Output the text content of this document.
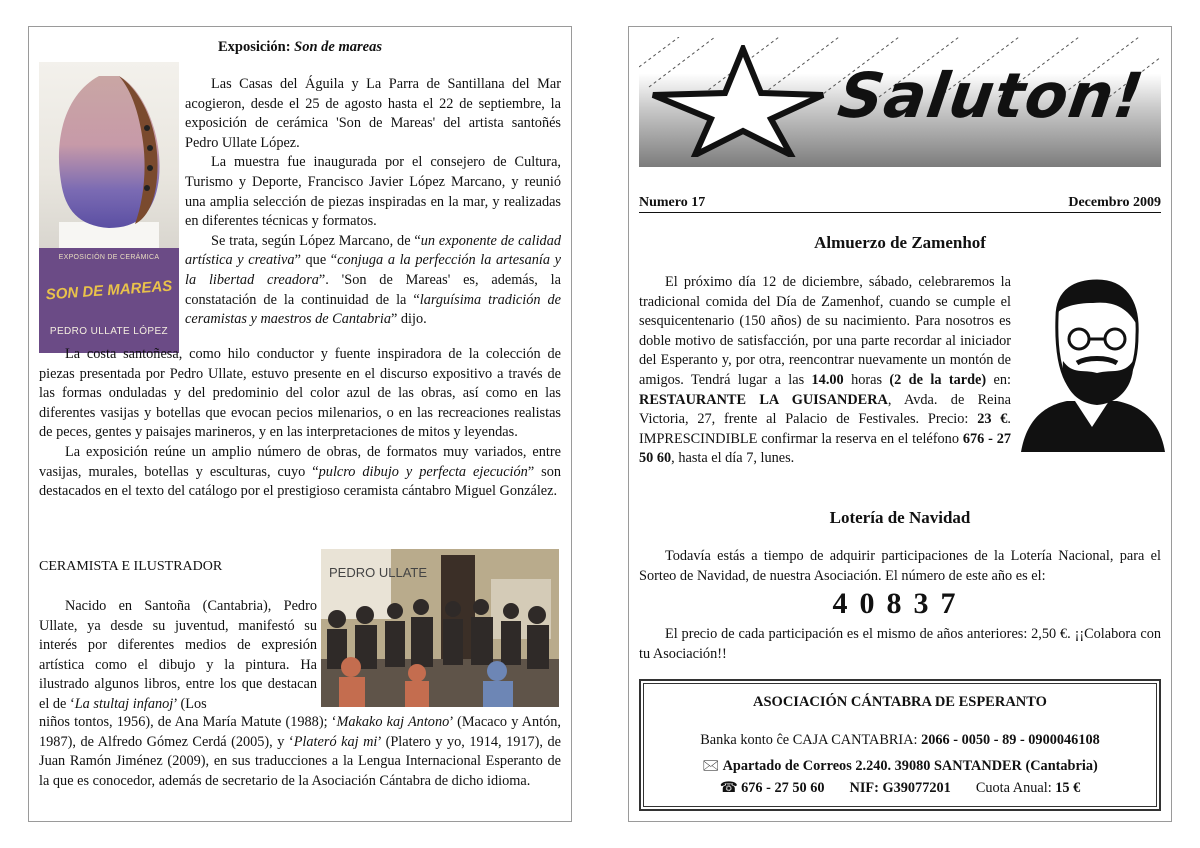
Exposición: Son de mareas
EXPOSICIÓN DE CERÁMICA
SON DE MAREAS
PEDRO ULLATE LÓPEZ

Las Casas del Águila y La Parra de Santillana del Mar acogieron, desde el 25 de agosto hasta el 22 de septiembre, la exposición de cerámica 'Son de Mareas' del artista santoñés Pedro Ullate López.

La muestra fue inaugurada por el consejero de Cultura, Turismo y Deporte, Francisco Javier López Marcano, y reunió una amplia selección de piezas inspiradas en la mar, y realizadas en diferentes técnicas y formatos.

Se trata, según López Marcano, de “un exponente de calidad artística y creativa” que “conjuga a la perfección la artesanía y la libertad creadora”. 'Son de Mareas' es, además, la constatación de la continuidad de la “larguísima tradición de ceramistas y maestros de Cantabria” dijo.

La costa santoñesa, como hilo conductor y fuente inspiradora de la colección de piezas presentada por Pedro Ullate, estuvo presente en el discurso expositivo a través de las formas onduladas y del predominio del color azul de las obras, así como en las diferentes vasijas y botellas que evocan pecios milenarios, o en las recreaciones realistas de peces, gentes y paisajes marineros, y en las interpretaciones de mitos y leyendas.

La exposición reúne un amplio número de obras, de formatos muy variados, entre vasijas, murales, botellas y esculturas, cuyo “pulcro dibujo y perfecta ejecución” son destacados en el texto del catálogo por el prestigioso ceramista cántabro Miguel González.

CERAMISTA E ILUSTRADOR	PEDRO ULLATE

Nacido en Santoña (Cantabria), Pedro Ullate, ya desde su juventud, manifestó su interés por diferentes medios de expresión artística como el dibujo y la pintura. Ha ilustrado algunos libros, entre los que destacan el de ‘La stultaj infanoj’ (Los

niños tontos, 1956), de Ana María Matute (1988); ‘Makako kaj Antono’ (Macaco y Antón, 1987), de Alfredo Gómez Cerdá (2005), y ‘Plateró kaj mi’ (Platero y yo, 1914, 1917), de Juan Ramón Jiménez (2009), en sus traducciones a la Lengua Internacional Esperanto de la que es conocedor, además de secretario de la Asociación Cántabra de dicho idioma.

Saluton!
Numero 17	Decembro 2009
Almuerzo de Zamenhof

El próximo día 12 de diciembre, sábado, celebraremos la tradicional comida del Día de Zamenhof, cuando se cumple el sesquicentenario (150 años) de su nacimiento. Para nosotros es doble motivo de satisfacción, por una parte recordar al iniciador del Esperanto y, por otra, reencontrar nuevamente un montón de amigos. Tendrá lugar a las 14.00 horas (2 de la tarde) en: RESTAURANTE LA GUISANDERA, Avda. de Reina Victoria, 27, frente al Palacio de Festivales. Precio: 23 €. IMPRESCINDIBLE confirmar la reserva en el teléfono 676 - 27 50 60, hasta el día 7, lunes.

Lotería de Navidad

Todavía estás a tiempo de adquirir participaciones de la Lotería Nacional, para el Sorteo de Navidad, de nuestra Asociación. El número de este año es el:

40837

El precio de cada participación es el mismo de años anteriores: 2,50 €. ¡¡Colabora con tu Asociación!!

ASOCIACIÓN CÁNTABRA DE ESPERANTO
Banka konto ĉe CAJA CANTABRIA: 2066 - 0050 - 89 - 0900046108
🖂 Apartado de Correos 2.240. 39080 SANTANDER (Cantabria)
☎ 676 - 27 50 60 NIF: G39077201 Cuota Anual: 15 €
